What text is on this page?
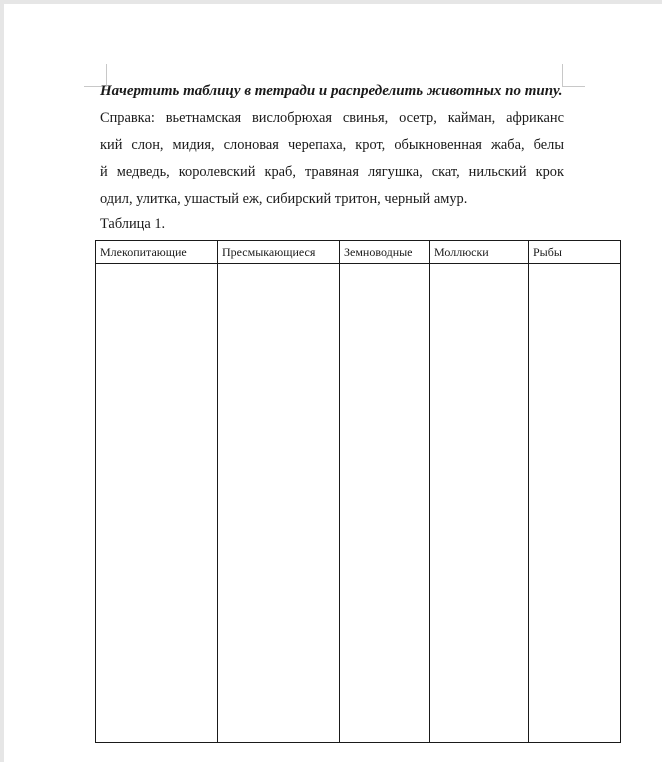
Начертить таблицу в тетради и распределить животных по типу.

Справка: вьетнамская вислобрюхая свинья, осетр, кайман, африканс

кий слон, мидия, слоновая черепаха, крот, обыкновенная жаба, белы

й медведь, королевский краб, травяная лягушка, скат, нильский крок

одил, улитка, ушастый еж, сибирский тритон, черный амур.

Таблица 1.

Млекопитающие	Пресмыкающиеся	Земноводные	Моллюски	Рыбы
